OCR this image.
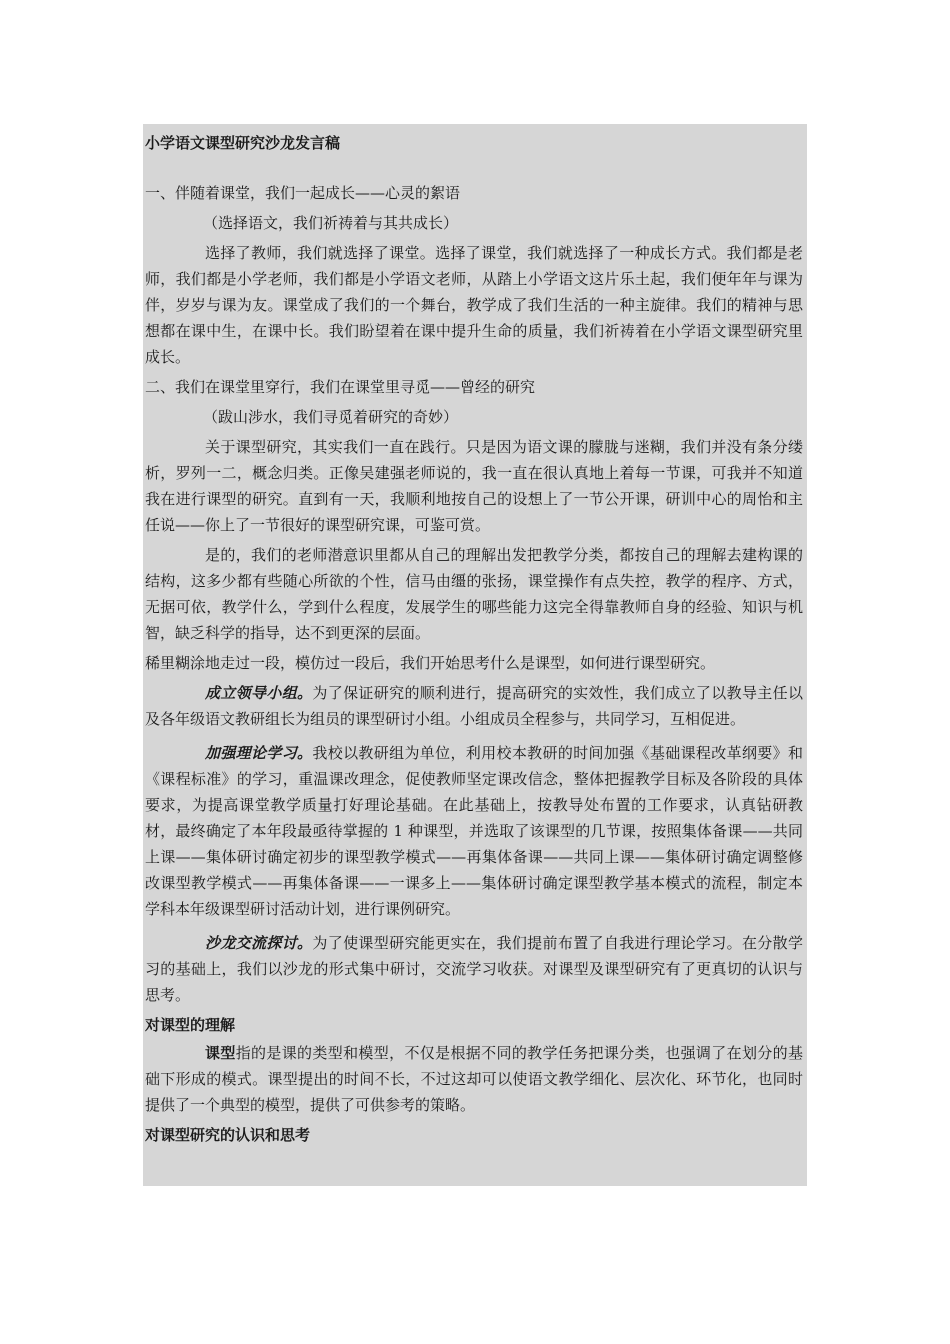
小学语文课型研究沙龙发言稿

一、伴随着课堂，我们一起成长——心灵的絮语

（选择语文，我们祈祷着与其共成长）

选择了教师，我们就选择了课堂。选择了课堂，我们就选择了一种成长方式。我们都是老师，我们都是小学老师，我们都是小学语文老师，从踏上小学语文这片乐土起，我们便年年与课为伴，岁岁与课为友。课堂成了我们的一个舞台，教学成了我们生活的一种主旋律。我们的精神与思想都在课中生，在课中长。我们盼望着在课中提升生命的质量，我们祈祷着在小学语文课型研究里成长。

二、我们在课堂里穿行，我们在课堂里寻觅——曾经的研究

（跋山涉水，我们寻觅着研究的奇妙）

关于课型研究，其实我们一直在践行。只是因为语文课的朦胧与迷糊，我们并没有条分缕析，罗列一二，概念归类。正像吴建强老师说的，我一直在很认真地上着每一节课，可我并不知道我在进行课型的研究。直到有一天，我顺利地按自己的设想上了一节公开课，研训中心的周怡和主任说——你上了一节很好的课型研究课，可鉴可赏。

是的，我们的老师潜意识里都从自己的理解出发把教学分类，都按自己的理解去建构课的结构，这多少都有些随心所欲的个性，信马由缰的张扬，课堂操作有点失控，教学的程序、方式，无据可依，教学什么，学到什么程度，发展学生的哪些能力这完全得靠教师自身的经验、知识与机智，缺乏科学的指导，达不到更深的层面。

稀里糊涂地走过一段，模仿过一段后，我们开始思考什么是课型，如何进行课型研究。

成立领导小组。为了保证研究的顺利进行，提高研究的实效性，我们成立了以教导主任以及各年级语文教研组长为组员的课型研讨小组。小组成员全程参与，共同学习，互相促进。

加强理论学习。我校以教研组为单位，利用校本教研的时间加强《基础课程改革纲要》和《课程标准》的学习，重温课改理念，促使教师坚定课改信念，整体把握教学目标及各阶段的具体要求，为提高课堂教学质量打好理论基础。在此基础上，按教导处布置的工作要求，认真钻研教材，最终确定了本年段最亟待掌握的 1 种课型，并选取了该课型的几节课，按照集体备课——共同上课——集体研讨确定初步的课型教学模式——再集体备课——共同上课——集体研讨确定调整修改课型教学模式——再集体备课——一课多上——集体研讨确定课型教学基本模式的流程，制定本学科本年级课型研讨活动计划，进行课例研究。

沙龙交流探讨。为了使课型研究能更实在，我们提前布置了自我进行理论学习。在分散学习的基础上，我们以沙龙的形式集中研讨，交流学习收获。对课型及课型研究有了更真切的认识与思考。

对课型的理解

课型指的是课的类型和模型，不仅是根据不同的教学任务把课分类，也强调了在划分的基础下形成的模式。课型提出的时间不长，不过这却可以使语文教学细化、层次化、环节化，也同时提供了一个典型的模型，提供了可供参考的策略。

对课型研究的认识和思考
